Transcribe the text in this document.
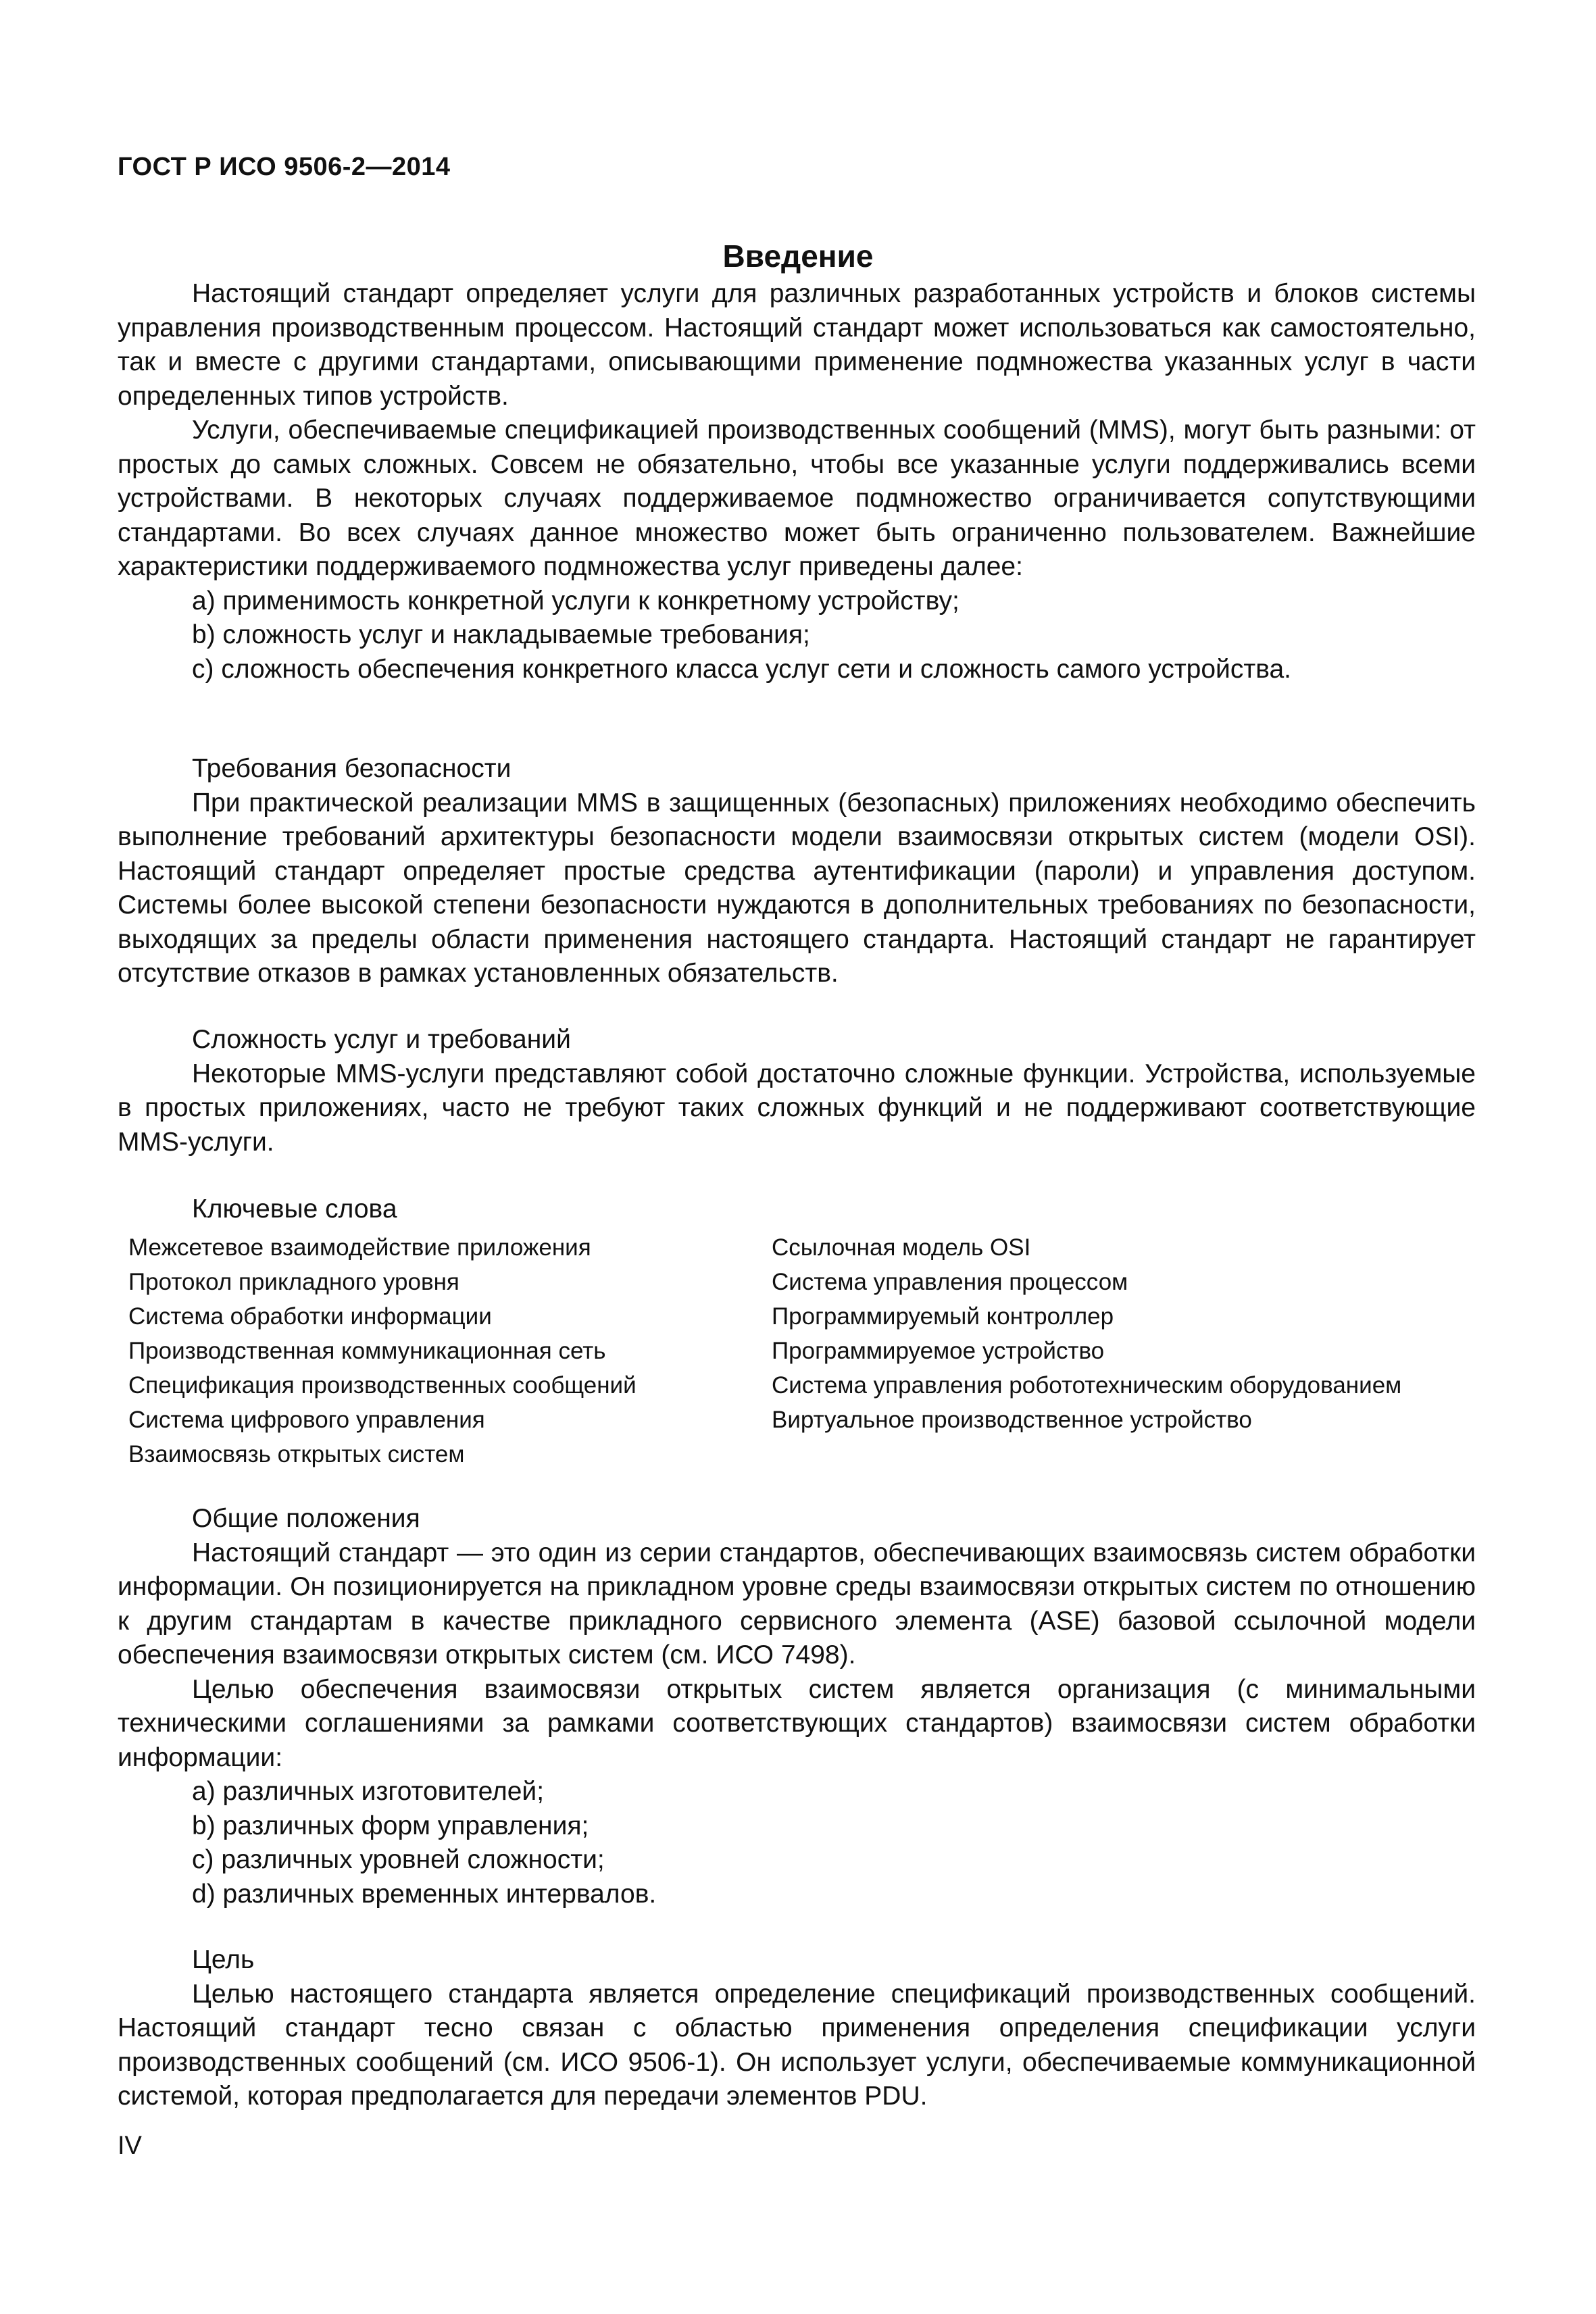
ГОСТ Р ИСО 9506-2—2014
Введение

Настоящий стандарт определяет услуги для различных разработанных устройств и блоков системы управления производственным процессом. Настоящий стандарт может использоваться как самостоятельно, так и вместе с другими стандартами, описывающими применение подмножества указанных услуг в части определенных типов устройств.

Услуги, обеспечиваемые спецификацией производственных сообщений (MMS), могут быть разными: от простых до самых сложных. Совсем не обязательно, чтобы все указанные услуги поддерживались всеми устройствами. В некоторых случаях поддерживаемое подмножество ограничивается сопутствующими стандартами. Во всех случаях данное множество может быть ограниченно пользователем. Важнейшие характеристики поддерживаемого подмножества услуг приведены далее:

a) применимость конкретной услуги к конкретному устройству;
b) сложность услуг и накладываемые требования;
c) сложность обеспечения конкретного класса услуг сети и сложность самого устройства.
Требования безопасности

При практической реализации MMS в защищенных (безопасных) приложениях необходимо обеспечить выполнение требований архитектуры безопасности модели взаимосвязи открытых систем (модели OSI). Настоящий стандарт определяет простые средства аутентификации (пароли) и управления доступом. Системы более высокой степени безопасности нуждаются в дополнительных требованиях по безопасности, выходящих за пределы области применения настоящего стандарта. Настоящий стандарт не гарантирует отсутствие отказов в рамках установленных обязательств.

Сложность услуг и требований

Некоторые MMS-услуги представляют собой достаточно сложные функции. Устройства, используемые в простых приложениях, часто не требуют таких сложных функций и не поддерживают соответствующие MMS-услуги.

Ключевые слова
Межсетевое взаимодействие приложения
Протокол прикладного уровня
Система обработки информации
Производственная коммуникационная сеть
Спецификация производственных сообщений
Система цифрового управления
Взаимосвязь открытых систем
Ссылочная модель OSI
Система управления процессом
Программируемый контроллер
Программируемое устройство
Система управления робототехническим оборудованием
Виртуальное производственное устройство
Общие положения

Настоящий стандарт — это один из серии стандартов, обеспечивающих взаимосвязь систем обработки информации. Он позиционируется на прикладном уровне среды взаимосвязи открытых систем по отношению к другим стандартам в качестве прикладного сервисного элемента (ASE) базовой ссылочной модели обеспечения взаимосвязи открытых систем (см. ИСО 7498).

Целью обеспечения взаимосвязи открытых систем является организация (с минимальными техническими соглашениями за рамками соответствующих стандартов) взаимосвязи систем обработки информации:

a) различных изготовителей;
b) различных форм управления;
c) различных уровней сложности;
d) различных временных интервалов.
Цель

Целью настоящего стандарта является определение спецификаций производственных сообщений. Настоящий стандарт тесно связан с областью применения определения спецификации услуги производственных сообщений (см. ИСО 9506-1). Он использует услуги, обеспечиваемые коммуникационной системой, которая предполагается для передачи элементов PDU.

IV
